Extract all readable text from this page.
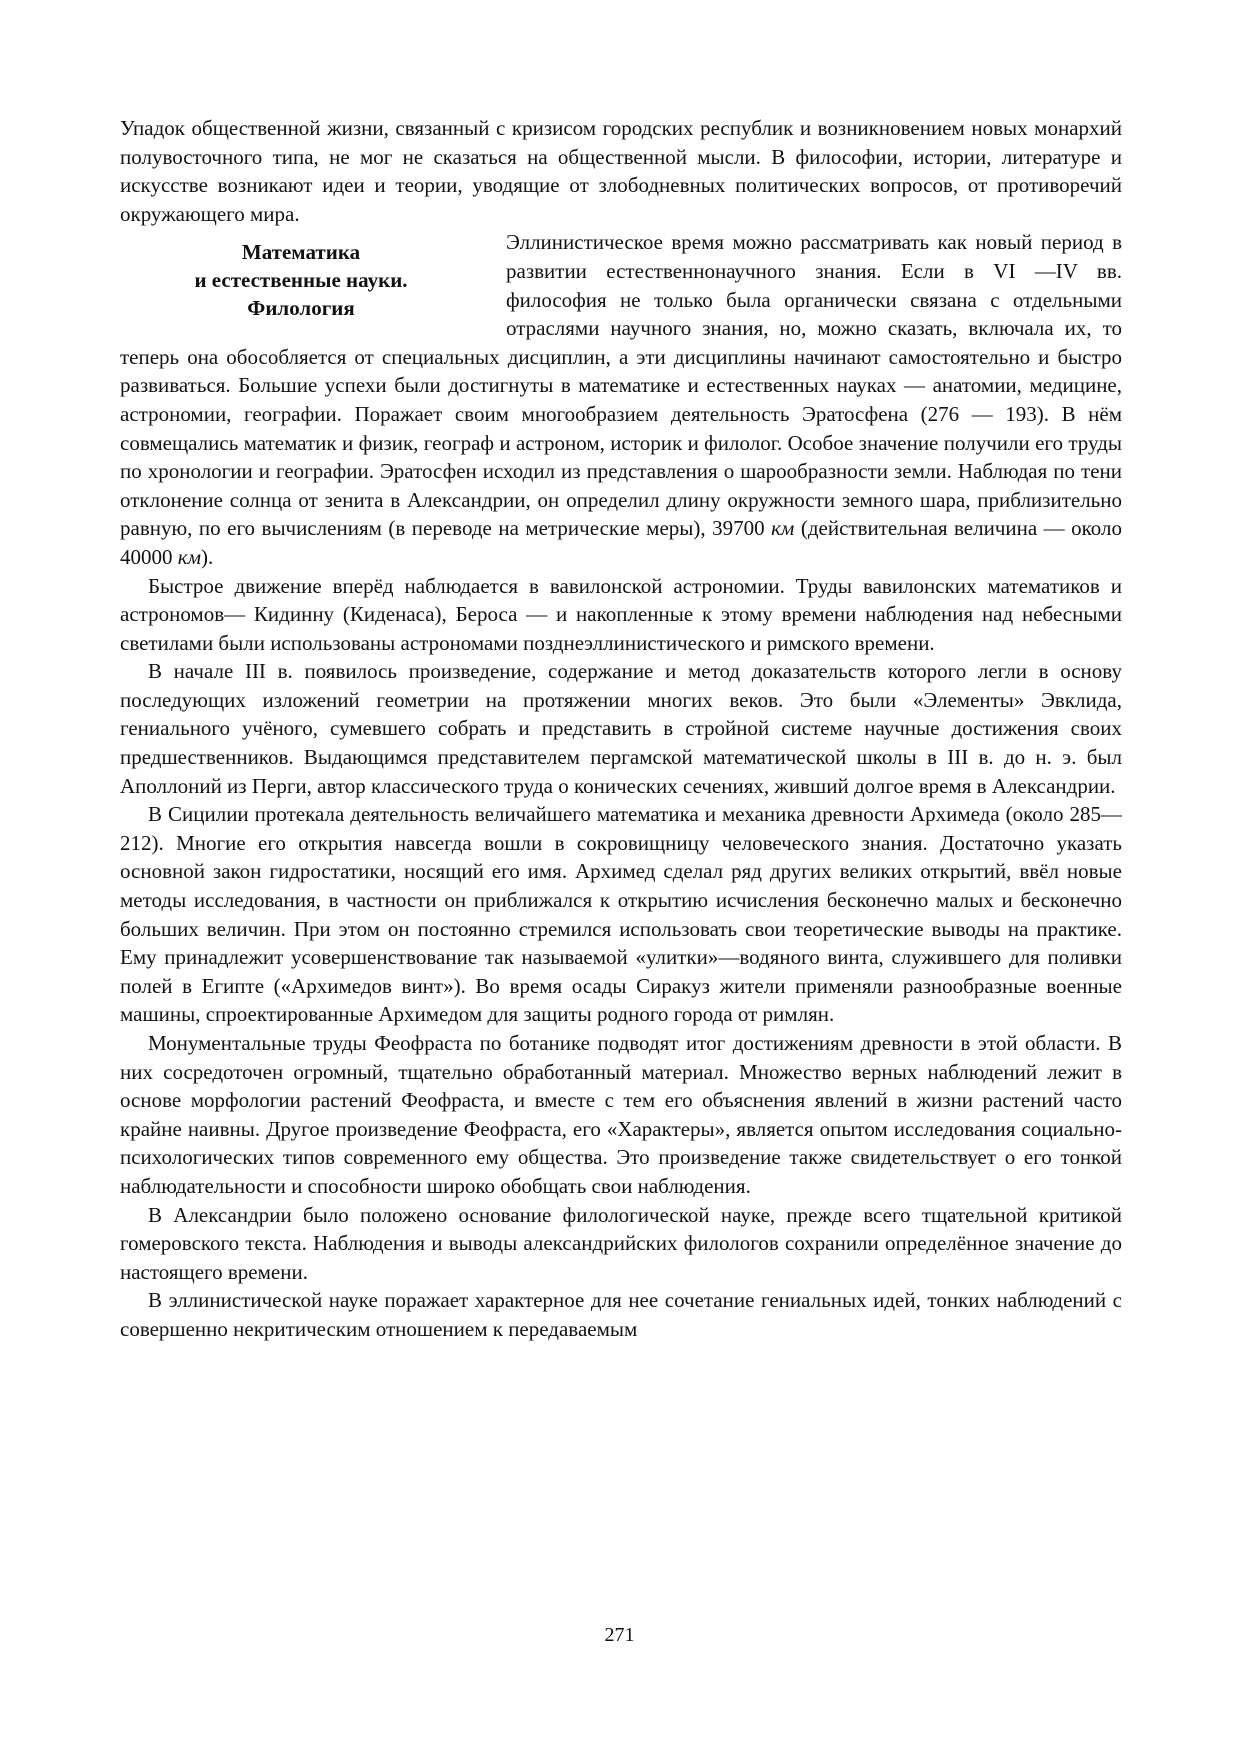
Упадок общественной жизни, связанный с кризисом городских республик и возникновением новых монархий полувосточного типа, не мог не сказаться на общественной мысли. В философии, истории, литературе и искусстве возникают идеи и теории, уводящие от злободневных политических вопросов, от противоречий окружающего мира.

Математика
и естественные науки.
Филология

Эллинистическое время можно рассматривать как новый период в развитии естественнонаучного знания. Если в VI —IV вв. философия не только была органически связана с отдельными отраслями научного знания, но, можно сказать, включала их, то теперь она обособляется от специальных дисциплин, а эти дисциплины начинают самостоятельно и быстро развиваться. Большие успехи были достигнуты в математике и естественных науках — анатомии, медицине, астрономии, географии. Поражает своим многообразием деятельность Эратосфена (276 — 193). В нём совмещались математик и физик, географ и астроном, историк и филолог. Особое значение получили его труды по хронологии и географии. Эратосфен исходил из представления о шарообразности земли. Наблюдая по тени отклонение солнца от зенита в Александрии, он определил длину окружности земного шара, приблизительно равную, по его вычислениям (в переводе на метрические меры), 39700 км (действительная величина — около 40000 км).

Быстрое движение вперёд наблюдается в вавилонской астрономии. Труды вавилонских математиков и астрономов— Кидинну (Киденаса), Бероса — и накопленные к этому времени наблюдения над небесными светилами были использованы астрономами позднеэллинистического и римского времени.

В начале III в. появилось произведение, содержание и метод доказательств которого легли в основу последующих изложений геометрии на протяжении многих веков. Это были «Элементы» Эвклида, гениального учёного, сумевшего собрать и представить в стройной системе научные достижения своих предшественников. Выдающимся представителем пергамской математической школы в III в. до н. э. был Аполлоний из Перги, автор классического труда о конических сечениях, живший долгое время в Александрии.

В Сицилии протекала деятельность величайшего математика и механика древности Архимеда (около 285—212). Многие его открытия навсегда вошли в сокровищницу человеческого знания. Достаточно указать основной закон гидростатики, носящий его имя. Архимед сделал ряд других великих открытий, ввёл новые методы исследования, в частности он приближался к открытию исчисления бесконечно малых и бесконечно больших величин. При этом он постоянно стремился использовать свои теоретические выводы на практике. Ему принадлежит усовершенствование так называемой «улитки»—водяного винта, служившего для поливки полей в Египте («Архимедов винт»). Во время осады Сиракуз жители применяли разнообразные военные машины, спроектированные Архимедом для защиты родного города от римлян.

Монументальные труды Феофраста по ботанике подводят итог достижениям древности в этой области. В них сосредоточен огромный, тщательно обработанный материал. Множество верных наблюдений лежит в основе морфологии растений Феофраста, и вместе с тем его объяснения явлений в жизни растений часто крайне наивны. Другое произведение Феофраста, его «Характеры», является опытом исследования социально-психологических типов современного ему общества. Это произведение также свидетельствует о его тонкой наблюдательности и способности широко обобщать свои наблюдения.

В Александрии было положено основание филологической науке, прежде всего тщательной критикой гомеровского текста. Наблюдения и выводы александрийских филологов сохранили определённое значение до настоящего времени.

В эллинистической науке поражает характерное для нее сочетание гениальных идей, тонких наблюдений с совершенно некритическим отношением к передаваемым

271
